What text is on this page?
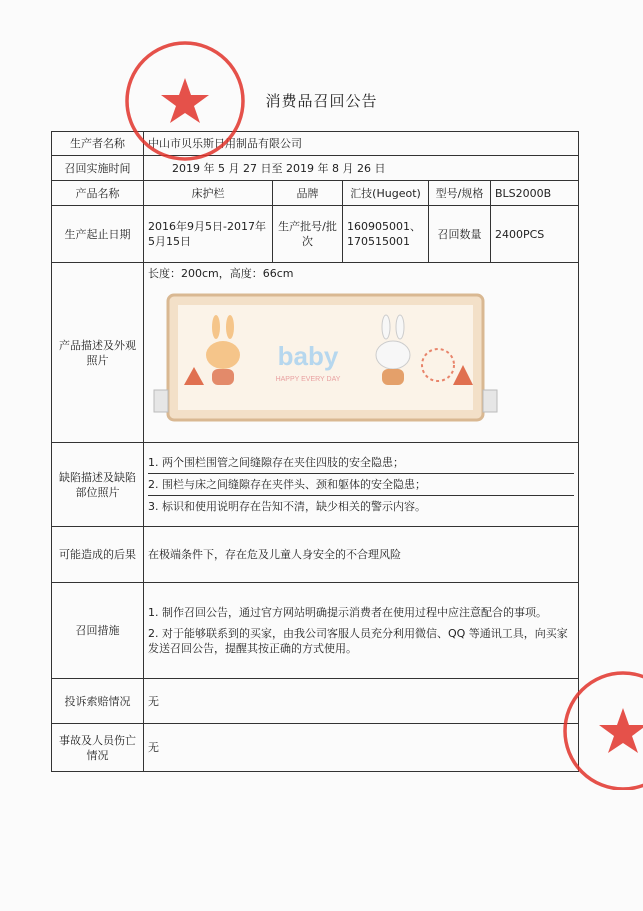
消费品召回公告
生产者名称	中山市贝乐斯日用制品有限公司				
召回实施时间	2019 年 5 月 27 日至 2019 年 8 月 26 日				
产品名称	床护栏	品牌	汇技(Hugeot)	型号/规格	BLS2000B
生产起止日期	2016年9月5日-2017年5月15日	生产批号/批次	160905001、170515001	召回数量	2400PCS
产品描述及外观照片	长度：200cm，高度：66cm
baby
HAPPY EVERY DAY				

缺陷描述及缺陷部位照片	1. 两个围栏围管之间缝隙存在夹住四肢的安全隐患；
2. 围栏与床之间缝隙存在夹伴头、颈和躯体的安全隐患；
3. 标识和使用说明存在告知不清，缺少相关的警示内容。				

可能造成的后果	在极端条件下，存在危及儿童人身安全的不合理风险				
召回措施	1. 制作召回公告，通过官方网站明确提示消费者在使用过程中应注意配合的事项。
2. 对于能够联系到的买家，由我公司客服人员充分利用微信、QQ 等通讯工具，向买家发送召回公告，提醒其按正确的方式使用。				

投诉索赔情况	无				
事故及人员伤亡情况	无				
